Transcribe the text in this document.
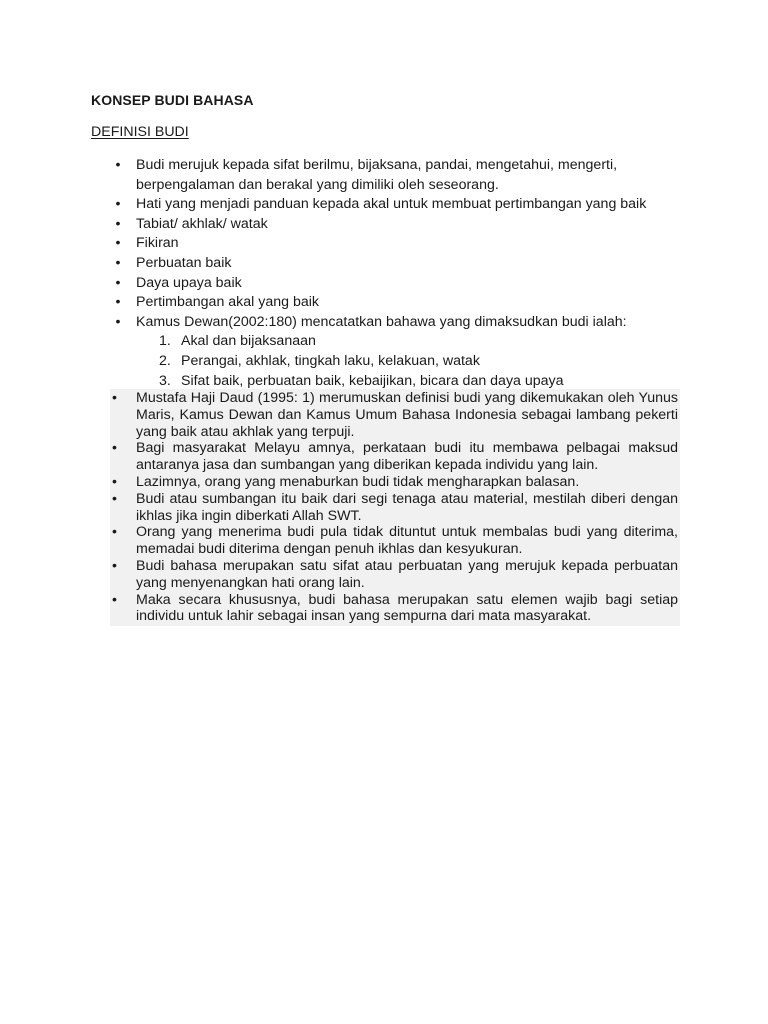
KONSEP BUDI BAHASA
DEFINISI BUDI
• Budi merujuk kepada sifat berilmu, bijaksana, pandai, mengetahui, mengerti, berpengalaman dan berakal yang dimiliki oleh seseorang.
• Hati yang menjadi panduan kepada akal untuk membuat pertimbangan yang baik
• Tabiat/ akhlak/ watak
• Fikiran
• Perbuatan baik
• Daya upaya baik
• Pertimbangan akal yang baik
• Kamus Dewan(2002:180) mencatatkan bahawa yang dimaksudkan budi ialah:
1. Akal dan bijaksanaan
2. Perangai, akhlak, tingkah laku, kelakuan, watak
3. Sifat baik, perbuatan baik, kebaijikan, bicara dan daya upaya
•	Mustafa Haji Daud (1995: 1) merumuskan definisi budi yang dikemukakan oleh Yunus Maris, Kamus Dewan dan Kamus Umum Bahasa Indonesia sebagai lambang pekerti yang baik atau akhlak yang terpuji.
•	Bagi masyarakat Melayu amnya, perkataan budi itu membawa pelbagai maksud antaranya jasa dan sumbangan yang diberikan kepada individu yang lain.
•	Lazimnya, orang yang menaburkan budi tidak mengharapkan balasan.
•	Budi atau sumbangan itu baik dari segi tenaga atau material, mestilah diberi dengan ikhlas jika ingin diberkati Allah SWT.
•	Orang yang menerima budi pula tidak dituntut untuk membalas budi yang diterima, memadai budi diterima dengan penuh ikhlas dan kesyukuran.
•	Budi bahasa merupakan satu sifat atau perbuatan yang merujuk kepada perbuatan yang menyenangkan hati orang lain.
•	Maka secara khususnya, budi bahasa merupakan satu elemen wajib bagi setiap individu untuk lahir sebagai insan yang sempurna dari mata masyarakat.
